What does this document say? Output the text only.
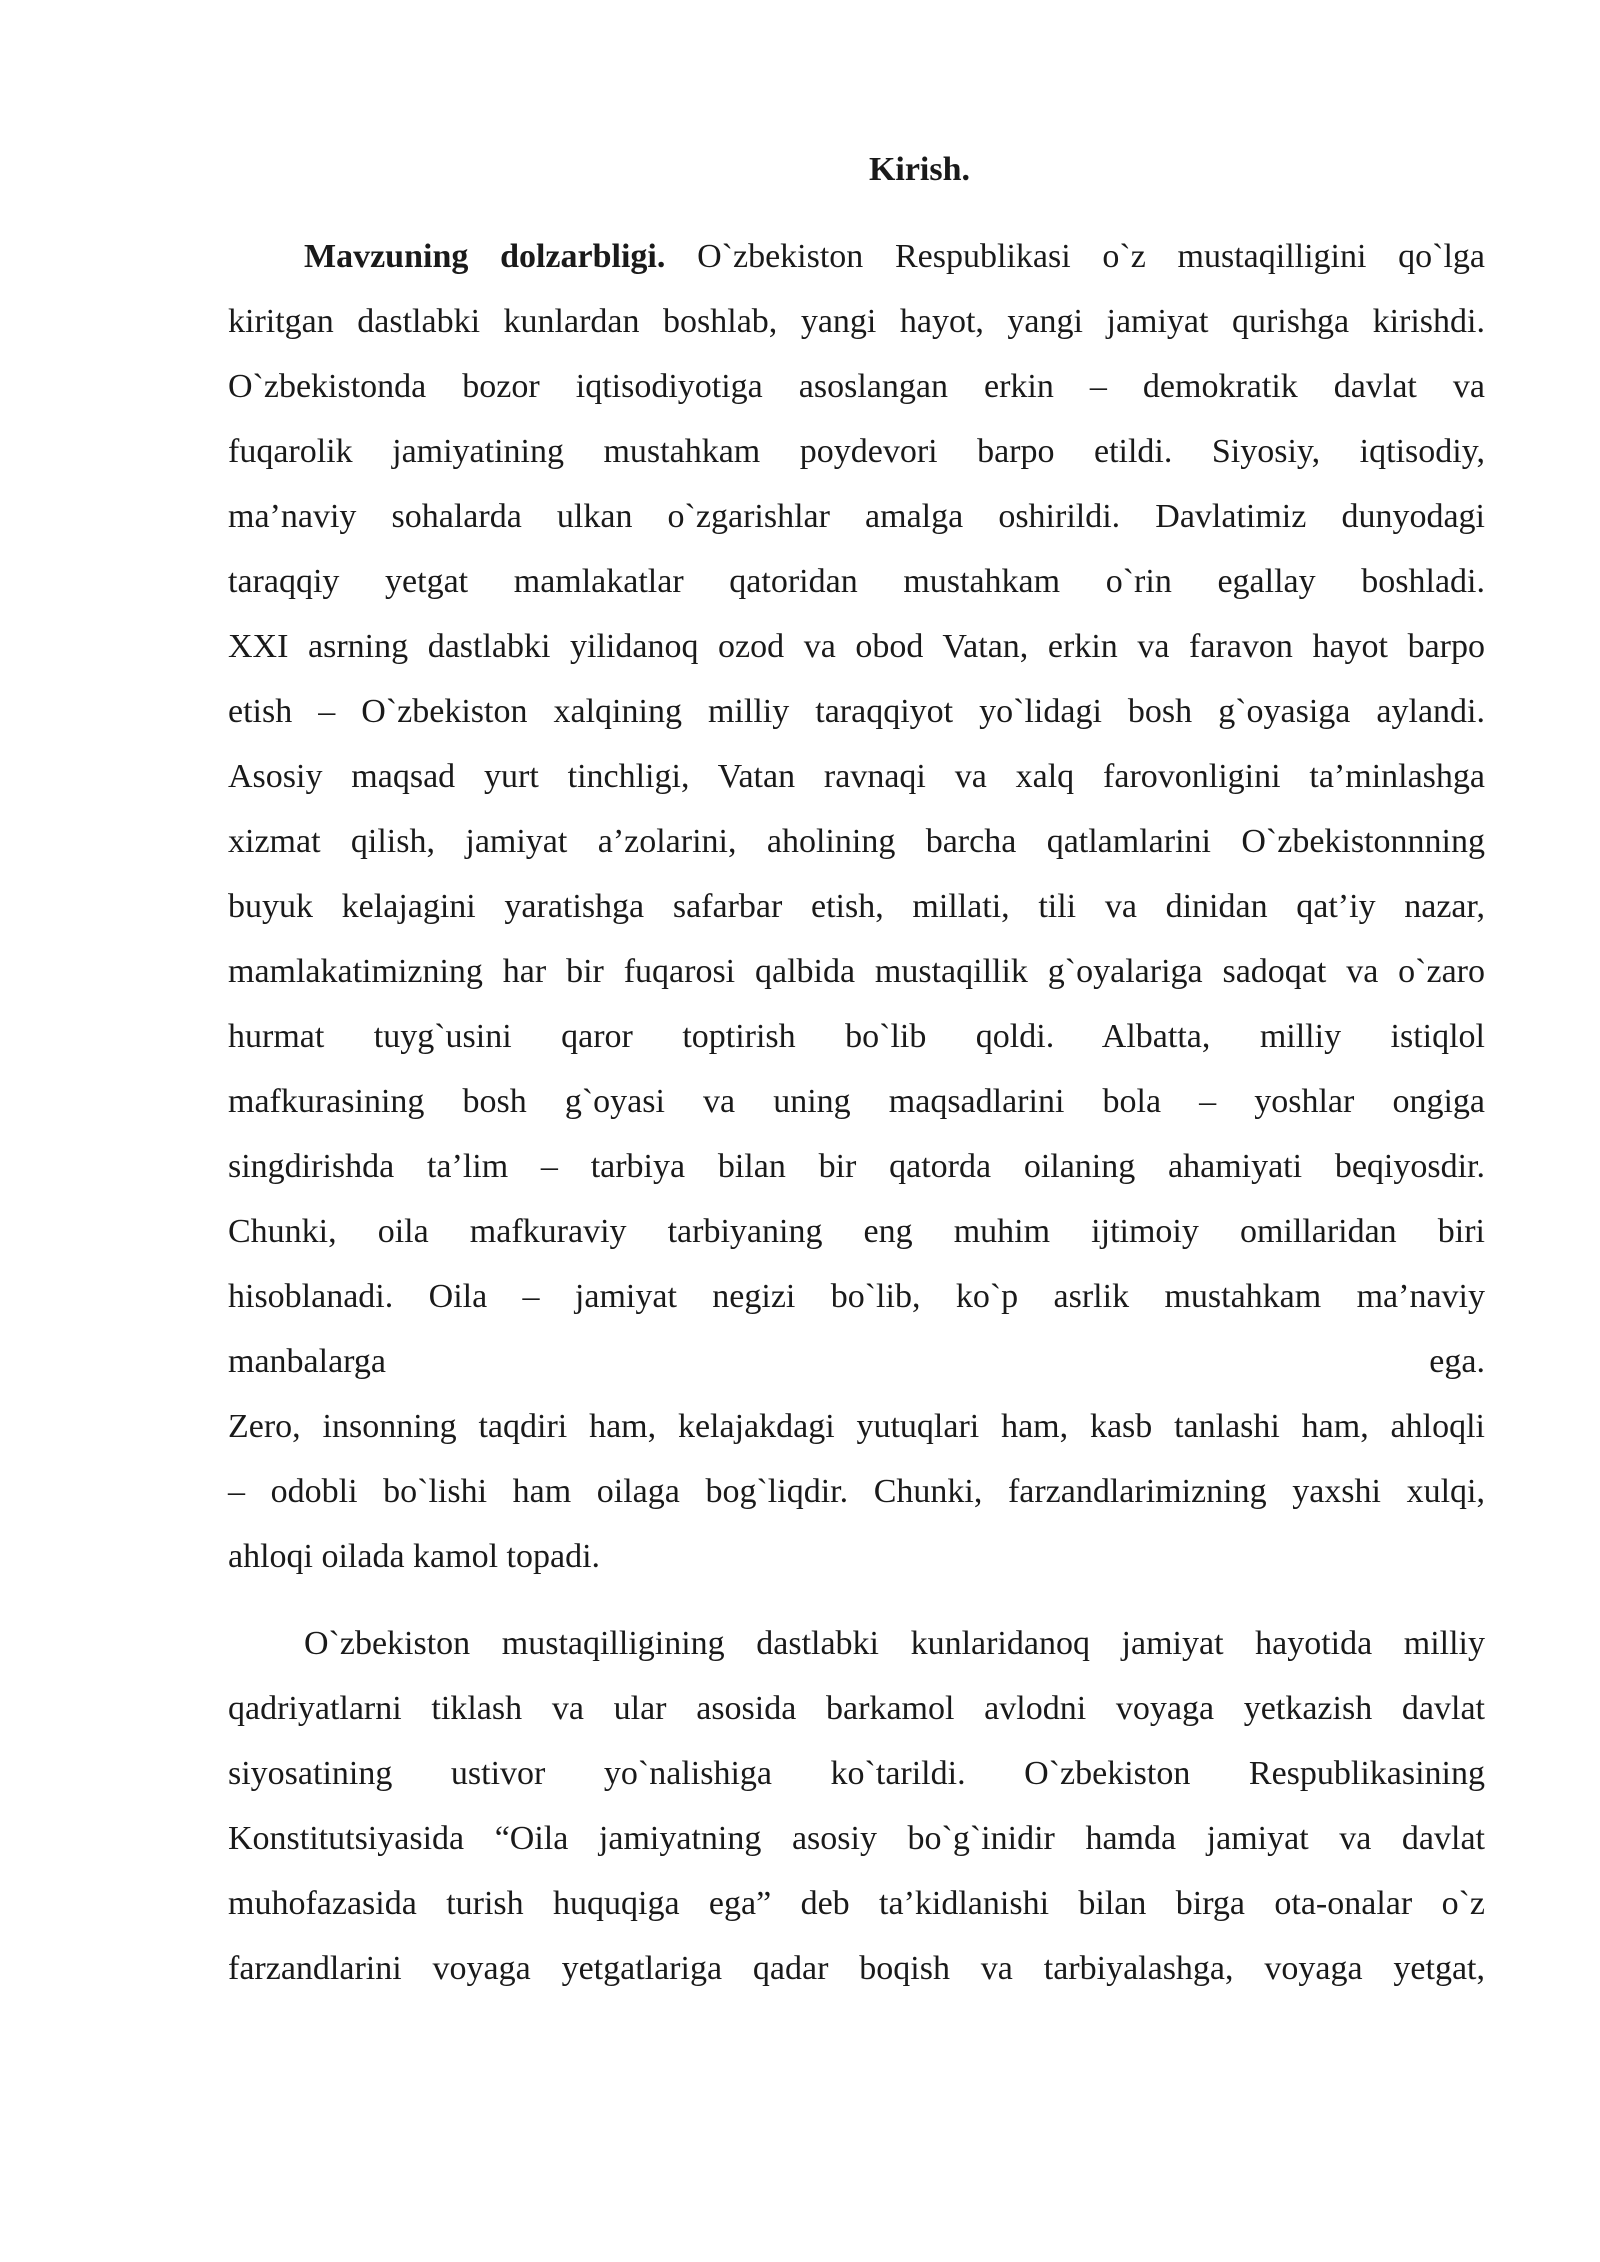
Kirish.
Mavzuning dolzarbligi. O`zbekiston Respublikasi o`z mustaqilligini qo`lga
kiritgan dastlabki kunlardan boshlab, yangi hayot, yangi jamiyat qurishga kirishdi.
O`zbekistonda bozor iqtisodiyotiga asoslangan erkin – demokratik davlat va
fuqarolik jamiyatining mustahkam poydevori barpo etildi. Siyosiy, iqtisodiy,
ma’naviy sohalarda ulkan o`zgarishlar amalga oshirildi. Davlatimiz dunyodagi
taraqqiy yetgat mamlakatlar qatoridan mustahkam o`rin egallay boshladi.
XXI asrning dastlabki yilidanoq ozod va obod Vatan, erkin va faravon hayot barpo
etish – O`zbekiston xalqining milliy taraqqiyot yo`lidagi bosh g`oyasiga aylandi.
Asosiy maqsad yurt tinchligi, Vatan ravnaqi va xalq farovonligini ta’minlashga
xizmat qilish, jamiyat a’zolarini, aholining barcha qatlamlarini O`zbekistonnning
buyuk kelajagini yaratishga safarbar etish, millati, tili va dinidan qat’iy nazar,
mamlakatimizning har bir fuqarosi qalbida mustaqillik g`oyalariga sadoqat va o`zaro
hurmat tuyg`usini qaror toptirish bo`lib qoldi. Albatta, milliy istiqlol
mafkurasining bosh g`oyasi va uning maqsadlarini bola – yoshlar ongiga
singdirishda ta’lim – tarbiya bilan bir qatorda oilaning ahamiyati beqiyosdir.
Chunki, oila mafkuraviy tarbiyaning eng muhim ijtimoiy omillaridan biri
hisoblanadi. Oila – jamiyat negizi bo`lib, ko`p asrlik mustahkam ma’naviy
manbalarga ega.
Zero, insonning taqdiri ham, kelajakdagi yutuqlari ham, kasb tanlashi ham, ahloqli
– odobli bo`lishi ham oilaga bog`liqdir. Chunki, farzandlarimizning yaxshi xulqi,
ahloqi oilada kamol topadi.
O`zbekiston mustaqilligining dastlabki kunlaridanoq jamiyat hayotida milliy
qadriyatlarni tiklash va ular asosida barkamol avlodni voyaga yetkazish davlat
siyosatining ustivor yo`nalishiga ko`tarildi. O`zbekiston Respublikasining
Konstitutsiyasida “Oila jamiyatning asosiy bo`g`inidir hamda jamiyat va davlat
muhofazasida turish huquqiga ega” deb ta’kidlanishi bilan birga ota-onalar o`z
farzandlarini voyaga yetgatlariga qadar boqish va tarbiyalashga, voyaga yetgat,
